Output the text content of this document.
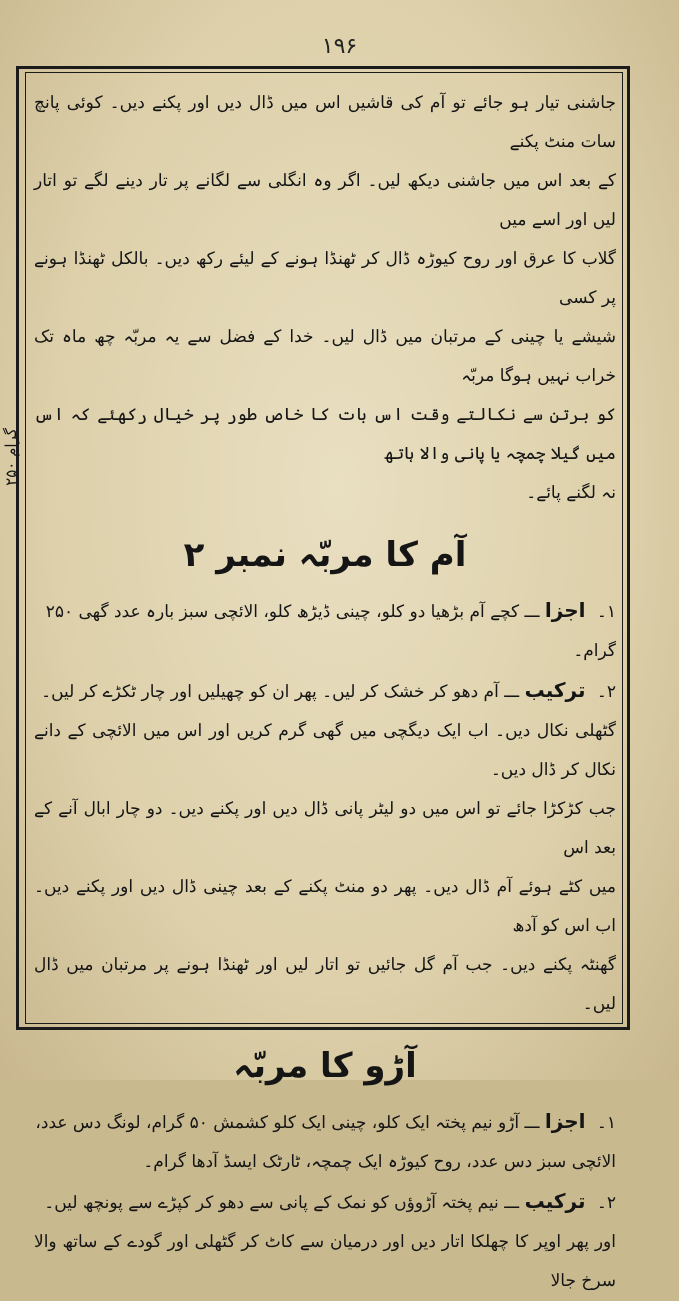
۱۹۶

جاشنی تیار ہو جائے تو آم کی قاشیں اس میں ڈال دیں اور پکنے دیں۔ کوئی پانچ سات منٹ پکنے

کے بعد اس میں جاشنی دیکھ لیں۔ اگر وہ انگلی سے لگانے پر تار دینے لگے تو اتار لیں اور اسے میں

گلاب کا عرق اور روح کیوڑہ ڈال کر ٹھنڈا ہونے کے لیئے رکھ دیں۔ بالکل ٹھنڈا ہونے پر کسی

شیشے یا چینی کے مرتبان میں ڈال لیں۔ خدا کے فضل سے یہ مربّہ چھ ماہ تک خراب نہیں ہوگا مربّہ

کو برتن سے نکالتے وقت اس بات کا خاص طور پر خیال رکھئے کہ اس میں گیلا چمچہ یا پانی والا ہاتھ

نہ لگنے پائے۔

آم کا مربّہ نمبر ۲

۱۔ اجزا ـــ کچے آم بڑھیا دو کلو، چینی ڈیڑھ کلو، الائچی سبز بارہ عدد گھی ۲۵۰ گرام۔

۲۔ ترکیب ـــ آم دھو کر خشک کر لیں۔ پھر ان کو چھیلیں اور چار ٹکڑے کر لیں۔

گٹھلی نکال دیں۔ اب ایک دیگچی میں گھی گرم کریں اور اس میں الائچی کے دانے نکال کر ڈال دیں۔

جب کڑکڑا جائے تو اس میں دو لیٹر پانی ڈال دیں اور پکنے دیں۔ دو چار ابال آنے کے بعد اس

میں کٹے ہوئے آم ڈال دیں۔ پھر دو منٹ پکنے کے بعد چینی ڈال دیں اور پکنے دیں۔ اب اس کو آدھ

گھنٹہ پکنے دیں۔ جب آم گل جائیں تو اتار لیں اور ٹھنڈا ہونے پر مرتبان میں ڈال لیں۔

آڑو کا مربّہ

۱۔ اجزا ـــ آڑو نیم پختہ ایک کلو، چینی ایک کلو کشمش ۵۰ گرام، لونگ دس عدد،

الائچی سبز دس عدد، روح کیوڑہ ایک چمچہ، ٹارٹک ایسڈ آدھا گرام۔

۲۔ ترکیب ـــ نیم پختہ آڑوؤں کو نمک کے پانی سے دھو کر کپڑے سے پونچھ لیں۔

اور پھر اوپر کا چھلکا اتار دیں اور درمیان سے کاٹ کر گٹھلی اور گودے کے ساتھ والا سرخ جالا

۲۵۰ گرام
